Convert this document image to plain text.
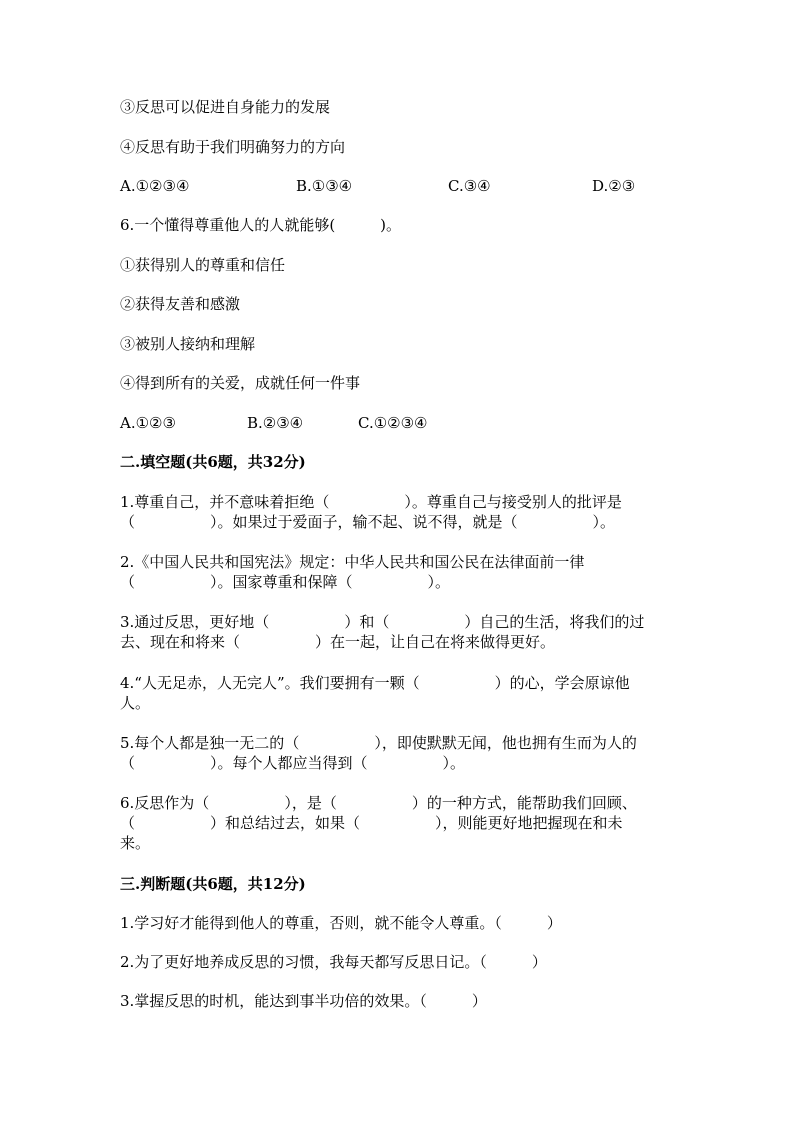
③反思可以促进自身能力的发展
④反思有助于我们明确努力的方向
A.①②③④	B.①③④	C.③④	D.②③
6.一个懂得尊重他人的人就能够(　　　)。
①获得别人的尊重和信任
②获得友善和感激
③被别人接纳和理解
④得到所有的关爱，成就任何一件事
A.①②③	B.②③④	C.①②③④
二.填空题(共6题，共32分)
1.尊重自己，并不意味着拒绝（　　　　　）。尊重自己与接受别人的批评是
（　　　　　）。如果过于爱面子，输不起、说不得，就是（　　　　　）。
2.《中国人民共和国宪法》规定：中华人民共和国公民在法律面前一律
（　　　　　）。国家尊重和保障（　　　　　）。
3.通过反思，更好地（　　　　　）和（　　　　　）自己的生活，将我们的过
去、现在和将来（　　　　　）在一起，让自己在将来做得更好。
4.“人无足赤，人无完人”。我们要拥有一颗（　　　　　）的心，学会原谅他
人。
5.每个人都是独一无二的（　　　　　），即使默默无闻，他也拥有生而为人的
（　　　　　）。每个人都应当得到（　　　　　）。
6.反思作为（　　　　　），是（　　　　　）的一种方式，能帮助我们回顾、
（　　　　　）和总结过去，如果（　　　　　），则能更好地把握现在和未
来。
三.判断题(共6题，共12分)
1.学习好才能得到他人的尊重，否则，就不能令人尊重。（　　　）
2.为了更好地养成反思的习惯，我每天都写反思日记。（　　　）
3.掌握反思的时机，能达到事半功倍的效果。（　　　）
